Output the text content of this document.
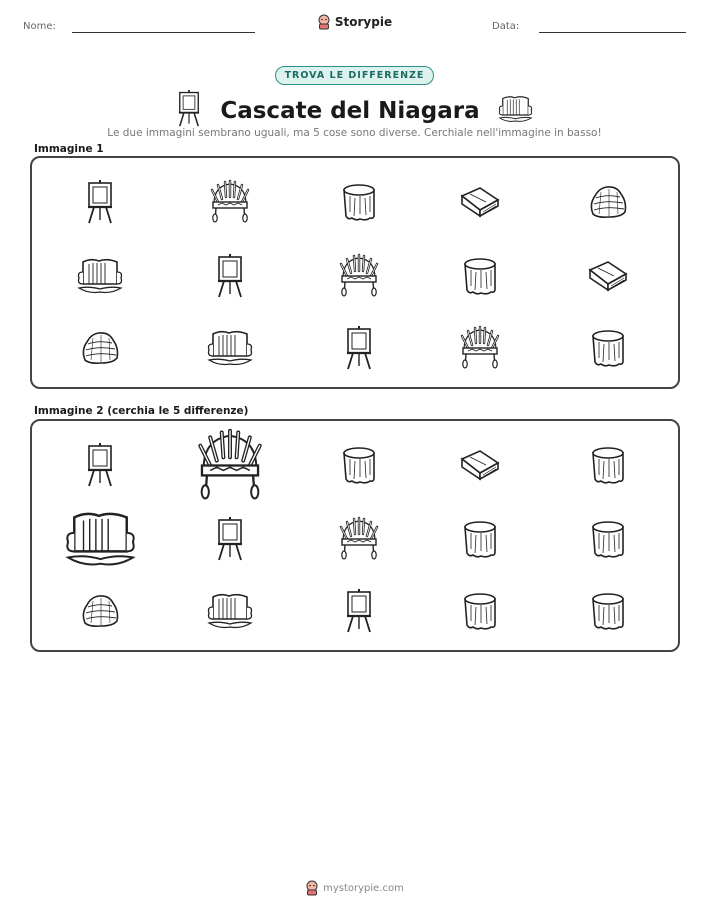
Nome:	Storypie	Data:
TROVA LE DIFFERENZE
Cascate del Niagara
Le due immagini sembrano uguali, ma 5 cose sono diverse. Cerchiale nell'immagine in basso!
Immagine 1
Immagine 2 (cerchia le 5 differenze)
mystorypie.com
